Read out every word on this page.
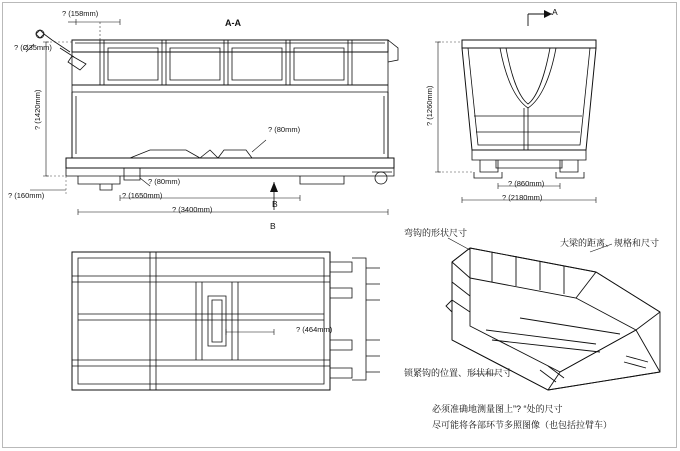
A-A
? (158mm)
? (Ø35mm)
? (1420mm)
? (160mm)
? (80mm)
? (80mm)
? (1650mm)
? (3400mm)
B
B
A
? (1260mm)
? (860mm)
? (2180mm)
? (464mm)
弯钩的形状尺寸
大梁的距离、规格和尺寸
锁紧钩的位置、形状和尺寸
必须准确地测量图上”? “处的尺寸
尽可能将各部环节多照图像（也包括拉臂车）
